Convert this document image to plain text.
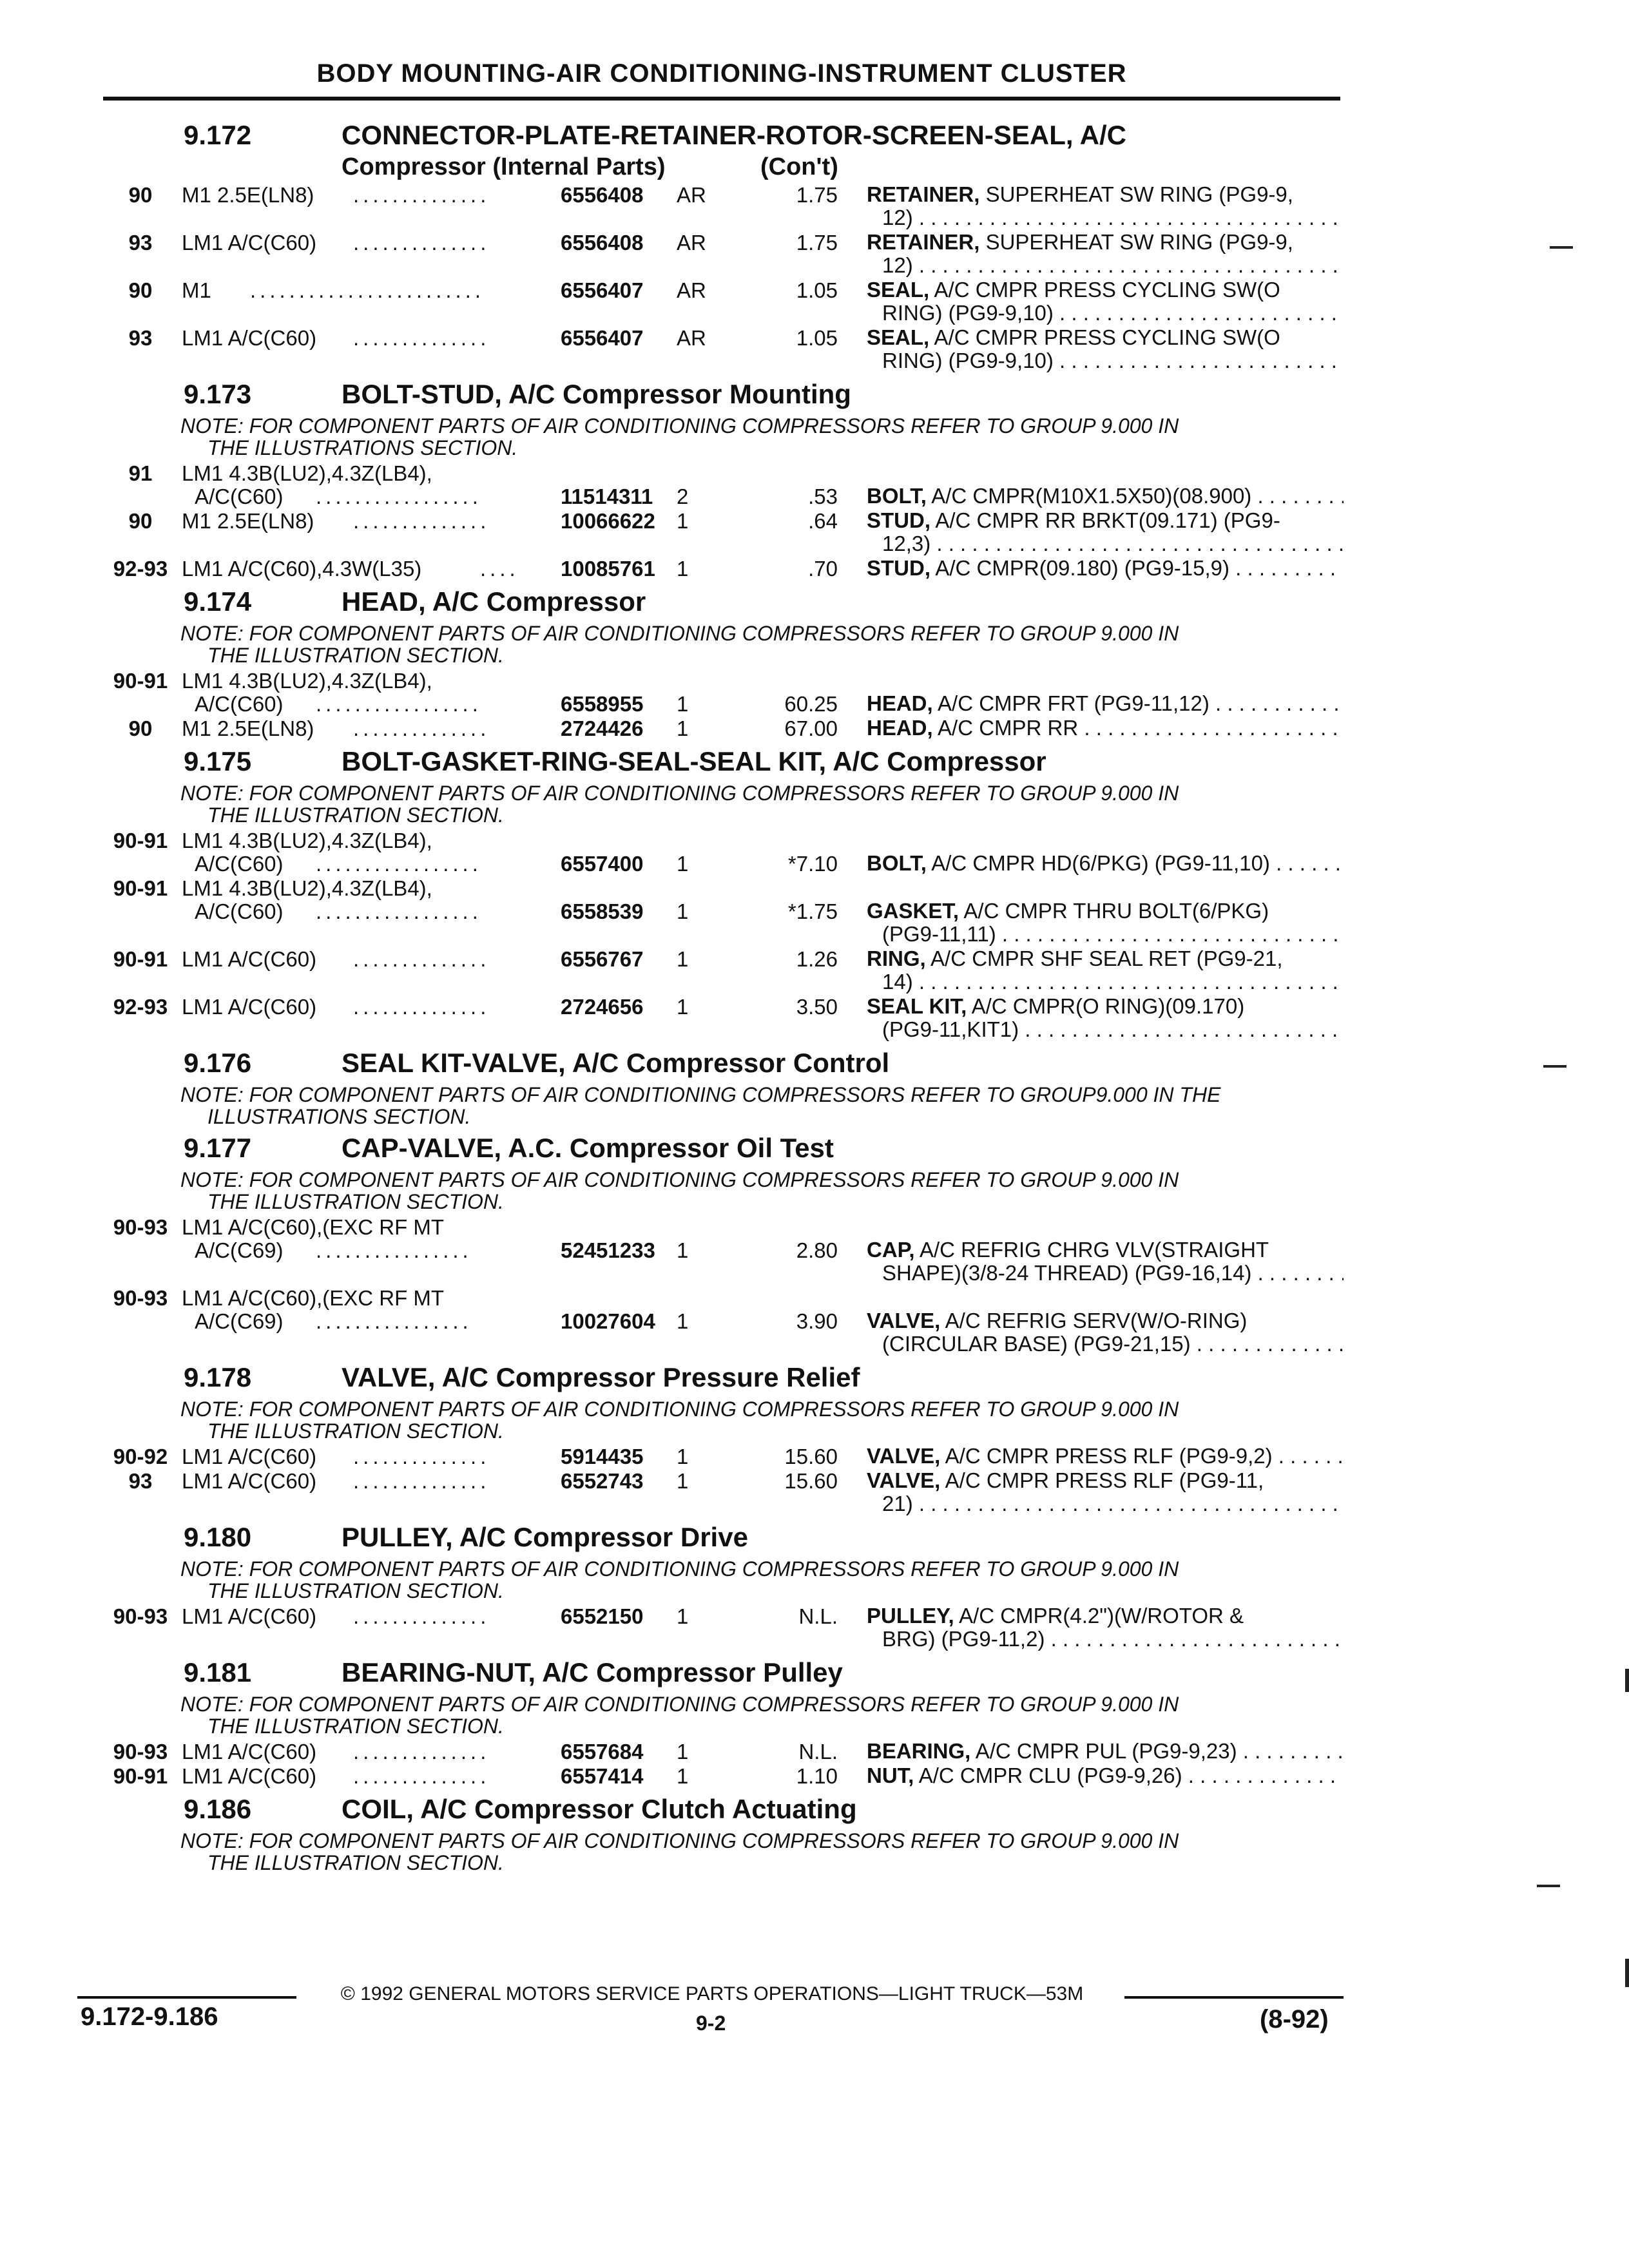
BODY MOUNTING-AIR CONDITIONING-INSTRUMENT CLUSTER
9.172	CONNECTOR-PLATE-RETAINER-ROTOR-SCREEN-SEAL, A/C
Compressor (Internal Parts)	(Con't)
90	M1 2.5E(LN8) ..............	6556408	AR	1.75 RETAINER, SUPERHEAT SW RING (PG9-9,
12) . . .
93	LM1 A/C(C60) ..............	6556408	AR	1.75 RETAINER, SUPERHEAT SW RING (PG9-9,
12) . . .
90	M1 ........................	6556407	AR	1.05 SEAL, A/C CMPR PRESS CYCLING SW(O
RING) (PG9-9,10) . . .
93	LM1 A/C(C60) ..............	6556407	AR	1.05 SEAL, A/C CMPR PRESS CYCLING SW(O
RING) (PG9-9,10) . . .
9.173	BOLT-STUD, A/C Compressor Mounting
NOTE: FOR COMPONENT PARTS OF AIR CONDITIONING COMPRESSORS REFER TO GROUP 9.000 IN
THE ILLUSTRATIONS SECTION.
91	LM1 4.3B(LU2),4.3Z(LB4),
A/C(C60) .................	11514311	2	.53 BOLT, A/C CMPR(M10X1.5X50)(08.900) . . .
90	M1 2.5E(LN8) ..............	10066622	1	.64 STUD, A/C CMPR RR BRKT(09.171) (PG9-
12,3) . . .
92-93 LM1 A/C(C60),4.3W(L35)	.... 10085761	1	.70 STUD, A/C CMPR(09.180) (PG9-15,9) . . .
9.174	HEAD, A/C Compressor
NOTE: FOR COMPONENT PARTS OF AIR CONDITIONING COMPRESSORS REFER TO GROUP 9.000 IN
THE ILLUSTRATION SECTION.
90-91 LM1 4.3B(LU2),4.3Z(LB4),
A/C(C60) .................	6558955	1	60.25 HEAD, A/C CMPR FRT (PG9-11,12) . . .
90	M1 2.5E(LN8) ..............	2724426	1	67.00 HEAD, A/C CMPR RR . . .
9.175	BOLT-GASKET-RING-SEAL-SEAL KIT, A/C Compressor
NOTE: FOR COMPONENT PARTS OF AIR CONDITIONING COMPRESSORS REFER TO GROUP 9.000 IN
THE ILLUSTRATION SECTION.
90-91 LM1 4.3B(LU2),4.3Z(LB4),
A/C(C60) .................	6557400	1	*7.10 BOLT, A/C CMPR HD(6/PKG) (PG9-11,10) . . .
90-91 LM1 4.3B(LU2),4.3Z(LB4),
A/C(C60) .................	6558539	1	*1.75 GASKET, A/C CMPR THRU BOLT(6/PKG)
(PG9-11,11) . . .
90-91 LM1 A/C(C60) ..............	6556767	1	1.26 RING, A/C CMPR SHF SEAL RET (PG9-21,
14) . . .
92-93 LM1 A/C(C60) ..............	2724656	1	3.50 SEAL KIT, A/C CMPR(O RING)(09.170)
(PG9-11,KIT1) . . .
9.176	SEAL KIT-VALVE, A/C Compressor Control
NOTE: FOR COMPONENT PARTS OF AIR CONDITIONING COMPRESSORS REFER TO GROUP9.000 IN THE
ILLUSTRATIONS SECTION.
9.177	CAP-VALVE, A.C. Compressor Oil Test
NOTE: FOR COMPONENT PARTS OF AIR CONDITIONING COMPRESSORS REFER TO GROUP 9.000 IN
THE ILLUSTRATION SECTION.
90-93 LM1 A/C(C60),(EXC RF MT
A/C(C69) ................	52451233	1	2.80 CAP, A/C REFRIG CHRG VLV(STRAIGHT
SHAPE)(3/8-24 THREAD) (PG9-16,14) . . .
90-93 LM1 A/C(C60),(EXC RF MT
A/C(C69) ................	10027604	1	3.90 VALVE, A/C REFRIG SERV(W/O-RING)
(CIRCULAR BASE) (PG9-21,15) . . .
9.178	VALVE, A/C Compressor Pressure Relief
NOTE: FOR COMPONENT PARTS OF AIR CONDITIONING COMPRESSORS REFER TO GROUP 9.000 IN
THE ILLUSTRATION SECTION.
90-92 LM1 A/C(C60) ..............	5914435	1	15.60 VALVE, A/C CMPR PRESS RLF (PG9-9,2) . . .
93	LM1 A/C(C60) ..............	6552743	1	15.60 VALVE, A/C CMPR PRESS RLF (PG9-11,
21) . . .
9.180	PULLEY, A/C Compressor Drive
NOTE: FOR COMPONENT PARTS OF AIR CONDITIONING COMPRESSORS REFER TO GROUP 9.000 IN
THE ILLUSTRATION SECTION.
90-93 LM1 A/C(C60) ..............	6552150	1	N.L. PULLEY, A/C CMPR(4.2")(W/ROTOR &
BRG) (PG9-11,2) . . .
9.181	BEARING-NUT, A/C Compressor Pulley
NOTE: FOR COMPONENT PARTS OF AIR CONDITIONING COMPRESSORS REFER TO GROUP 9.000 IN
THE ILLUSTRATION SECTION.
90-93 LM1 A/C(C60) ..............	6557684	1	N.L. BEARING, A/C CMPR PUL (PG9-9,23) . . .
90-91 LM1 A/C(C60) ..............	6557414	1	1.10 NUT, A/C CMPR CLU (PG9-9,26) . . .
9.186	COIL, A/C Compressor Clutch Actuating
NOTE: FOR COMPONENT PARTS OF AIR CONDITIONING COMPRESSORS REFER TO GROUP 9.000 IN
THE ILLUSTRATION SECTION.
© 1992 GENERAL MOTORS SERVICE PARTS OPERATIONS—LIGHT TRUCK—53M
9.172-9.186	9-2	(8-92)
